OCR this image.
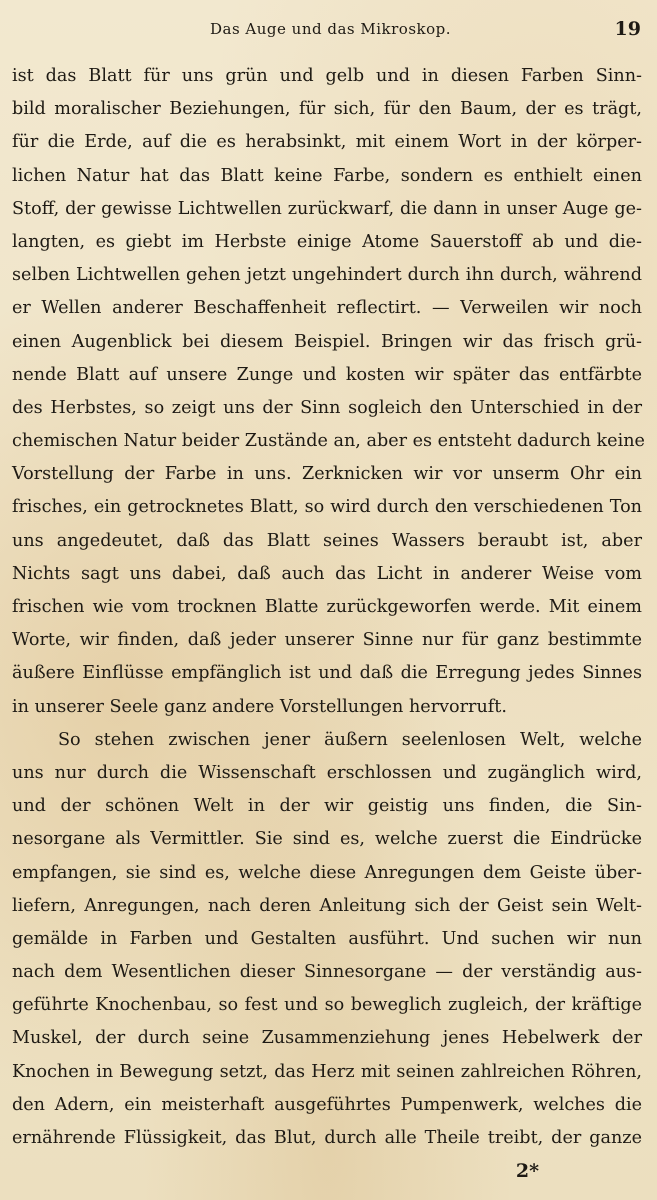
Das Auge und das Mikroskop.	19
ist das Blatt für uns grün und gelb und in diesen Farben Sinn-
bild moralischer Beziehungen, für sich, für den Baum, der es trägt,
für die Erde, auf die es herabsinkt, mit einem Wort in der körper-
lichen Natur hat das Blatt keine Farbe, sondern es enthielt einen
Stoff, der gewisse Lichtwellen zurückwarf, die dann in unser Auge ge-
langten, es giebt im Herbste einige Atome Sauerstoff ab und die-
selben Lichtwellen gehen jetzt ungehindert durch ihn durch, während
er Wellen anderer Beschaffenheit reflectirt. — Verweilen wir noch
einen Augenblick bei diesem Beispiel. Bringen wir das frisch grü-
nende Blatt auf unsere Zunge und kosten wir später das entfärbte
des Herbstes, so zeigt uns der Sinn sogleich den Unterschied in der
chemischen Natur beider Zustände an, aber es entsteht dadurch keine
Vorstellung der Farbe in uns. Zerknicken wir vor unserm Ohr ein
frisches, ein getrocknetes Blatt, so wird durch den verschiedenen Ton
uns angedeutet, daß das Blatt seines Wassers beraubt ist, aber
Nichts sagt uns dabei, daß auch das Licht in anderer Weise vom
frischen wie vom trocknen Blatte zurückgeworfen werde. Mit einem
Worte, wir finden, daß jeder unserer Sinne nur für ganz bestimmte
äußere Einflüsse empfänglich ist und daß die Erregung jedes Sinnes
in unserer Seele ganz andere Vorstellungen hervorruft.
So stehen zwischen jener äußern seelenlosen Welt, welche
uns nur durch die Wissenschaft erschlossen und zugänglich wird,
und der schönen Welt in der wir geistig uns finden, die Sin-
nesorgane als Vermittler. Sie sind es, welche zuerst die Eindrücke
empfangen, sie sind es, welche diese Anregungen dem Geiste über-
liefern, Anregungen, nach deren Anleitung sich der Geist sein Welt-
gemälde in Farben und Gestalten ausführt. Und suchen wir nun
nach dem Wesentlichen dieser Sinnesorgane — der verständig aus-
geführte Knochenbau, so fest und so beweglich zugleich, der kräftige
Muskel, der durch seine Zusammenziehung jenes Hebelwerk der
Knochen in Bewegung setzt, das Herz mit seinen zahlreichen Röhren,
den Adern, ein meisterhaft ausgeführtes Pumpenwerk, welches die
ernährende Flüssigkeit, das Blut, durch alle Theile treibt, der ganze
2*
